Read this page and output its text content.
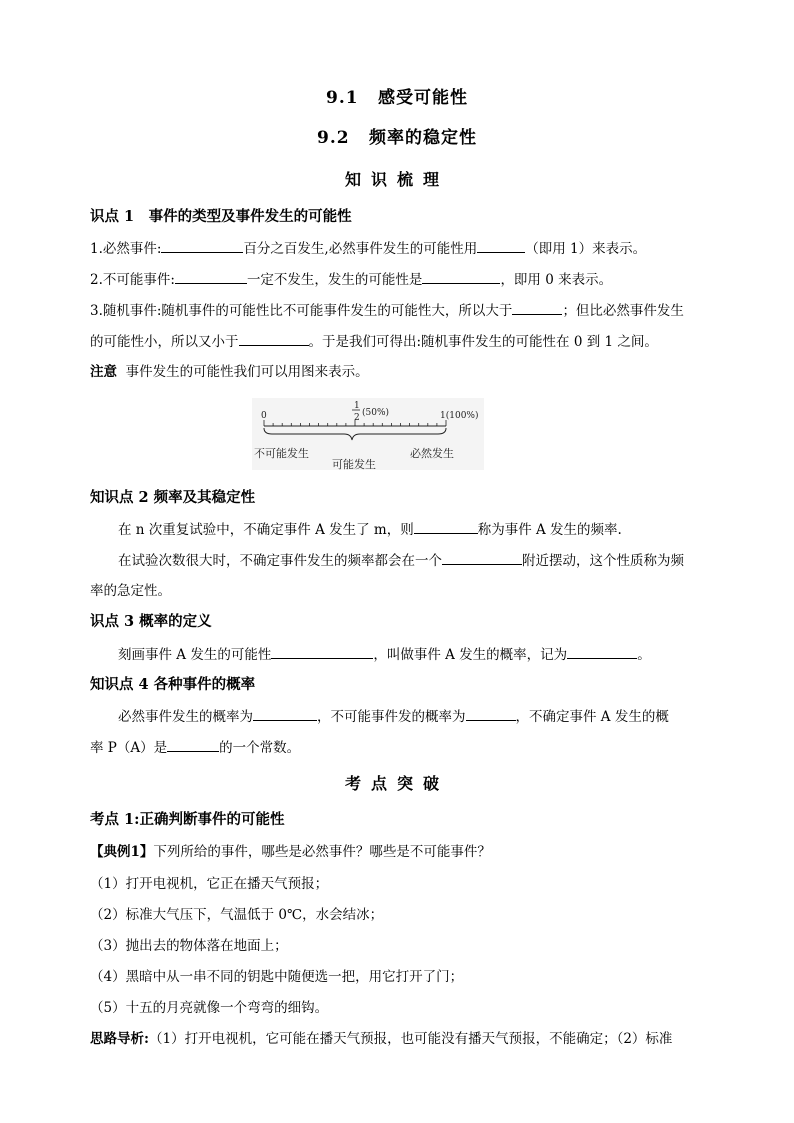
9.1 感受可能性
9.2 频率的稳定性
知识梳理
识点 1　事件的类型及事件发生的可能性
1.必然事件:	百分之百发生,必然事件发生的可能性用	（即用 1）来表示。
2.不可能事件:	一定不发生，发生的可能性是	，即用 0 来表示。
3.随机事件:随机事件的可能性比不可能事件发生的可能性大，所以大于	；但比必然事件发生
的可能性小，所以又小于	。于是我们可得出:随机事件发生的可能性在 0 到 1 之间。
注意 事件发生的可能性我们可以用图来表示。
0
1
2 (50%)	1(100%)
不可能发生
可能发生
必然发生
知识点 2 频率及其稳定性
在 n 次重复试验中，不确定事件 A 发生了 m，则	称为事件 A 发生的频率.
在试验次数很大时，不确定事件发生的频率都会在一个	附近摆动，这个性质称为频
率的急定性。
识点 3 概率的定义
刻画事件 A 发生的可能性	，叫做事件 A 发生的概率，记为	。
知识点 4 各种事件的概率
必然事件发生的概率为	，不可能事件发的概率为	，不确定事件 A 发生的概
率 P（A）是	的一个常数。
考点突破
考点 1:正确判断事件的可能性
【典例1】下列所给的事件，哪些是必然事件？哪些是不可能事件？
（1）打开电视机，它正在播天气预报；
（2）标准大气压下，气温低于 0℃，水会结冰；
（3）抛出去的物体落在地面上；
（4）黑暗中从一串不同的钥匙中随便选一把，用它打开了门；
（5）十五的月亮就像一个弯弯的细钩。
思路导析:（1）打开电视机，它可能在播天气预报，也可能没有播天气预报，不能确定；（2）标准
